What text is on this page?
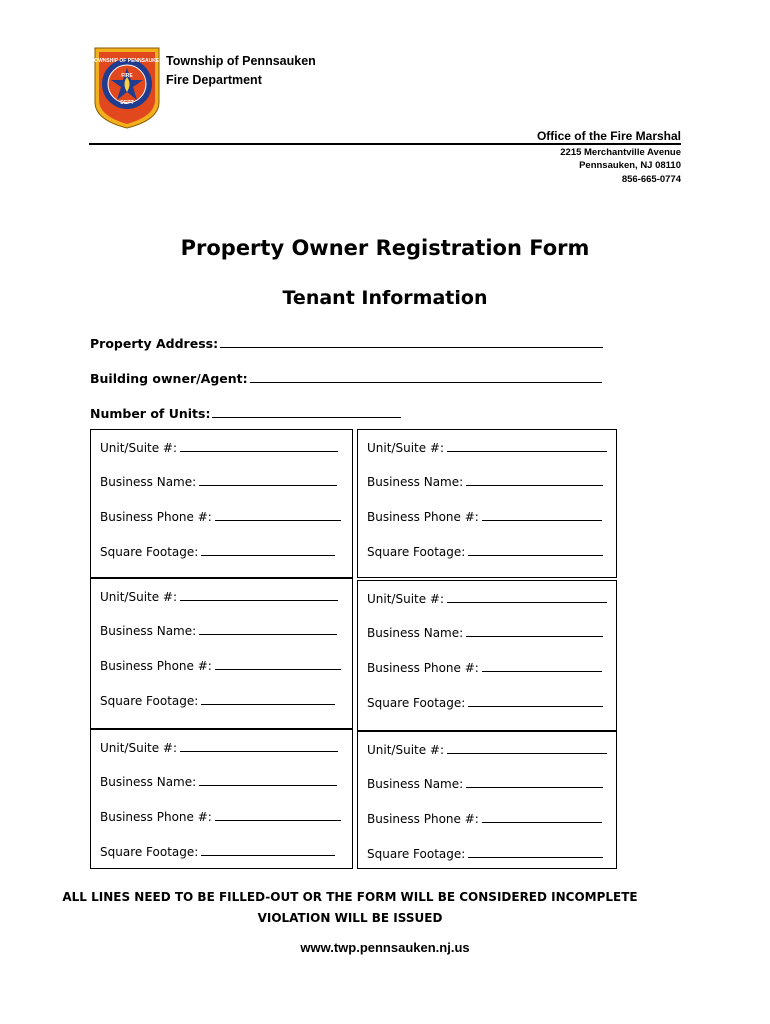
TOWNSHIP OF PENNSAUKEN
FIRE
DEPT
Township of Pennsauken
Fire Department
Office of the Fire Marshal
2215 Merchantville Avenue
Pennsauken, NJ 08110
856-665-0774
Property Owner Registration Form
Tenant Information
Property Address:
Building owner/Agent:
Number of Units:
Unit/Suite #:
Business Name:
Business Phone #:
Square Footage:
Unit/Suite #:
Business Name:
Business Phone #:
Square Footage:
Unit/Suite #:
Business Name:
Business Phone #:
Square Footage:
Unit/Suite #:
Business Name:
Business Phone #:
Square Footage:
Unit/Suite #:
Business Name:
Business Phone #:
Square Footage:
Unit/Suite #:
Business Name:
Business Phone #:
Square Footage:
ALL LINES NEED TO BE FILLED-OUT OR THE FORM WILL BE CONSIDERED INCOMPLETE
VIOLATION WILL BE ISSUED
www.twp.pennsauken.nj.us
